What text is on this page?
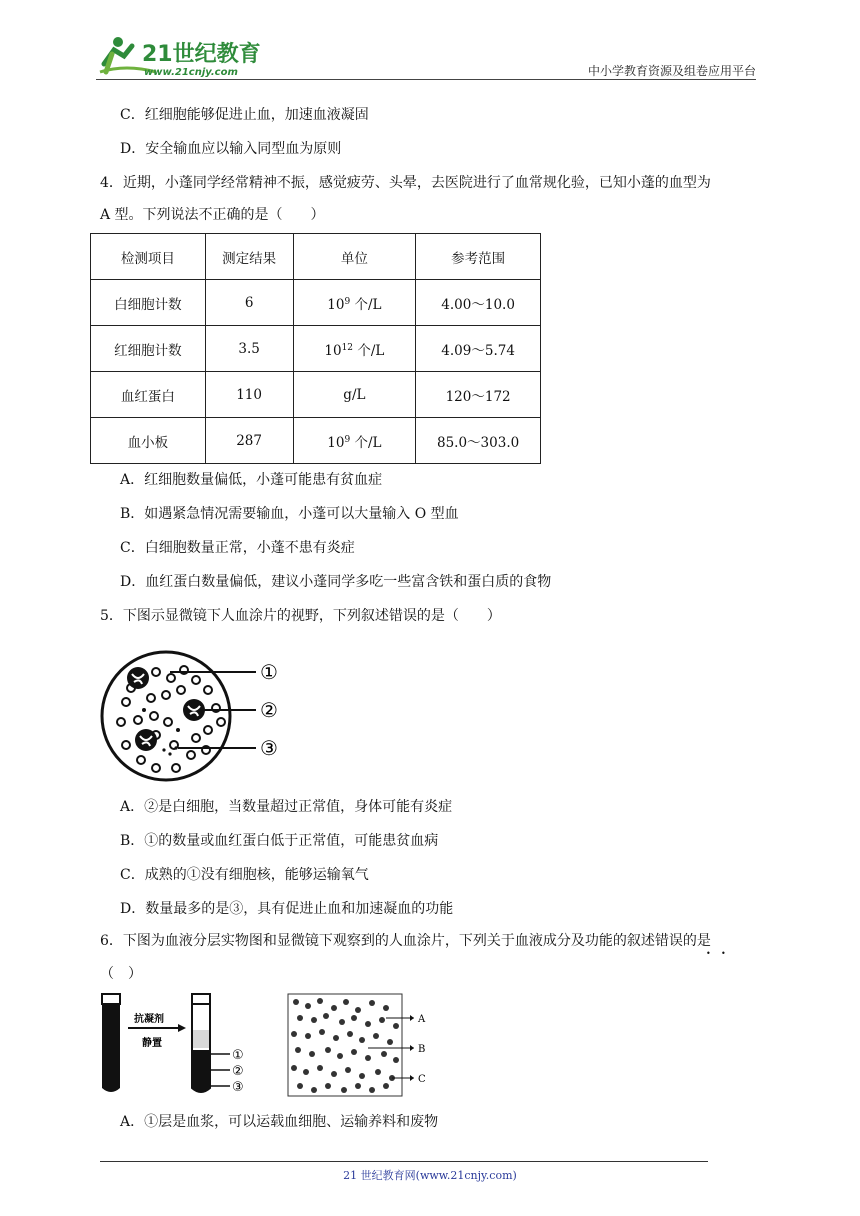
21世纪教育
www.21cnjy.com	中小学教育资源及组卷应用平台
C．红细胞能够促进止血，加速血液凝固
D．安全输血应以输入同型血为原则
4．近期，小蓬同学经常精神不振，感觉疲劳、头晕，去医院进行了血常规化验，已知小蓬的血型为
A 型。下列说法不正确的是（　　）
检测项目	测定结果	单位	参考范围
白细胞计数	6	$10^9$ 个/L	4.00～10.0
红细胞计数	3.5	$10^{12}$ 个/L	4.09～5.74
血红蛋白	110	g/L	120～172
血小板	287	$10^9$ 个/L	85.0～303.0
A．红细胞数量偏低，小蓬可能患有贫血症
B．如遇紧急情况需要输血，小蓬可以大量输入 O 型血
C．白细胞数量正常，小蓬不患有炎症
D．血红蛋白数量偏低，建议小蓬同学多吃一些富含铁和蛋白质的食物
5．下图示显微镜下人血涂片的视野，下列叙述错误的是（　　）
①
②
③
A．②是白细胞，当数量超过正常值，身体可能有炎症
B．①的数量或血红蛋白低于正常值，可能患贫血病
C．成熟的①没有细胞核，能够运输氧气
D．数量最多的是③，具有促进止血和加速凝血的功能
6．下图为血液分层实物图和显微镜下观察到的人血涂片，下列关于血液成分及功能的叙述错误的是
• •
（　）
抗凝剂
静置
①
②
③
A
B
C
A．①层是血浆，可以运载血细胞、运输养料和废物
21 世纪教育网(www.21cnjy.com)
